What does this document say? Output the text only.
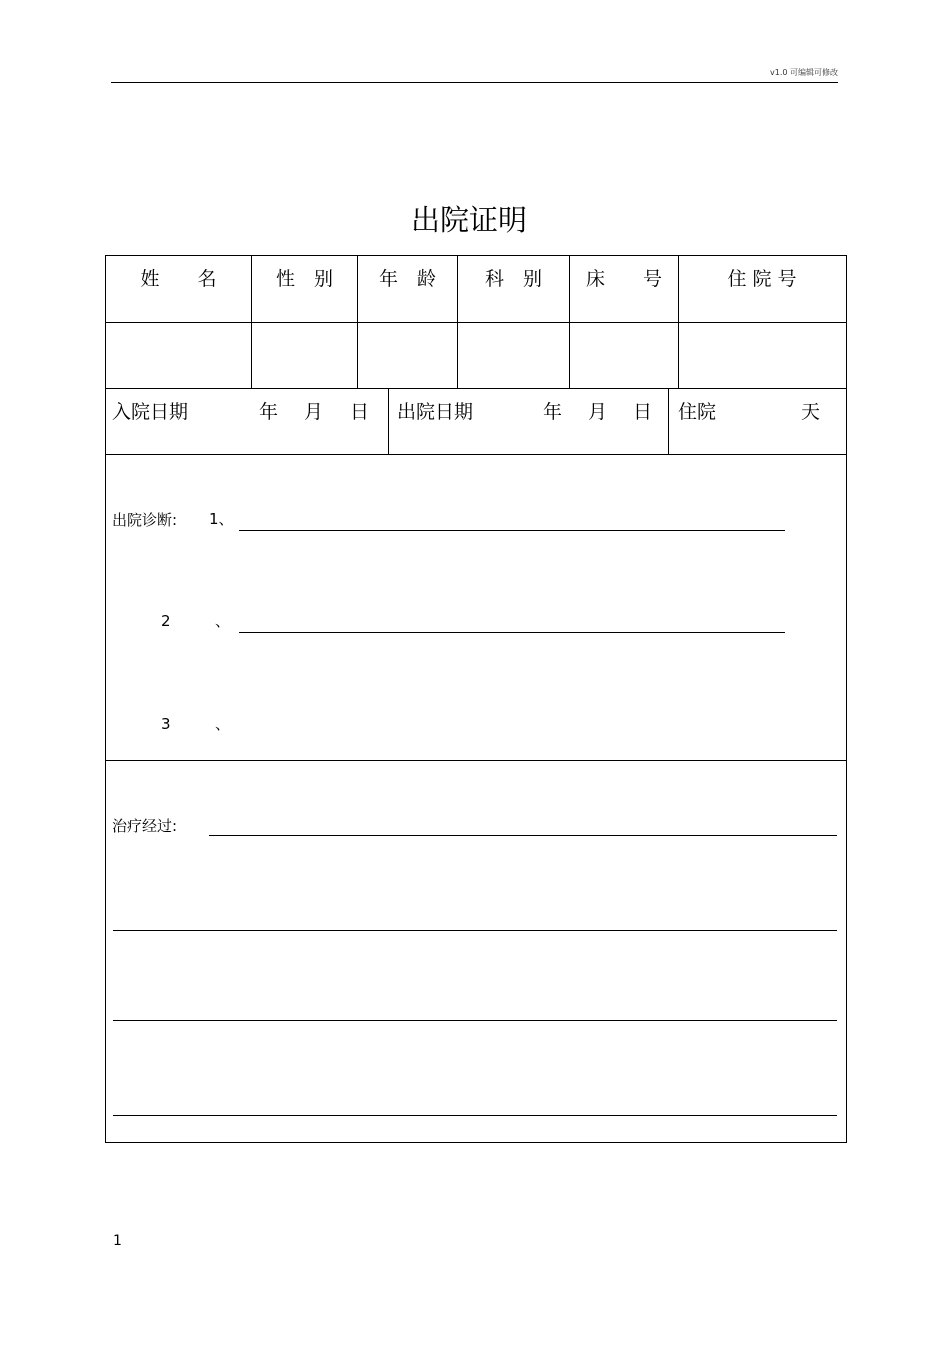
v1.0 可编辑可修改
出院证明
姓　　名	性　别	年　龄	科　别	床　　号	住 院 号
入院日期	年 月 日 出院日期	年 月 日 住院	天
出院诊断: 1、
2	、
3	、
治疗经过:
1
